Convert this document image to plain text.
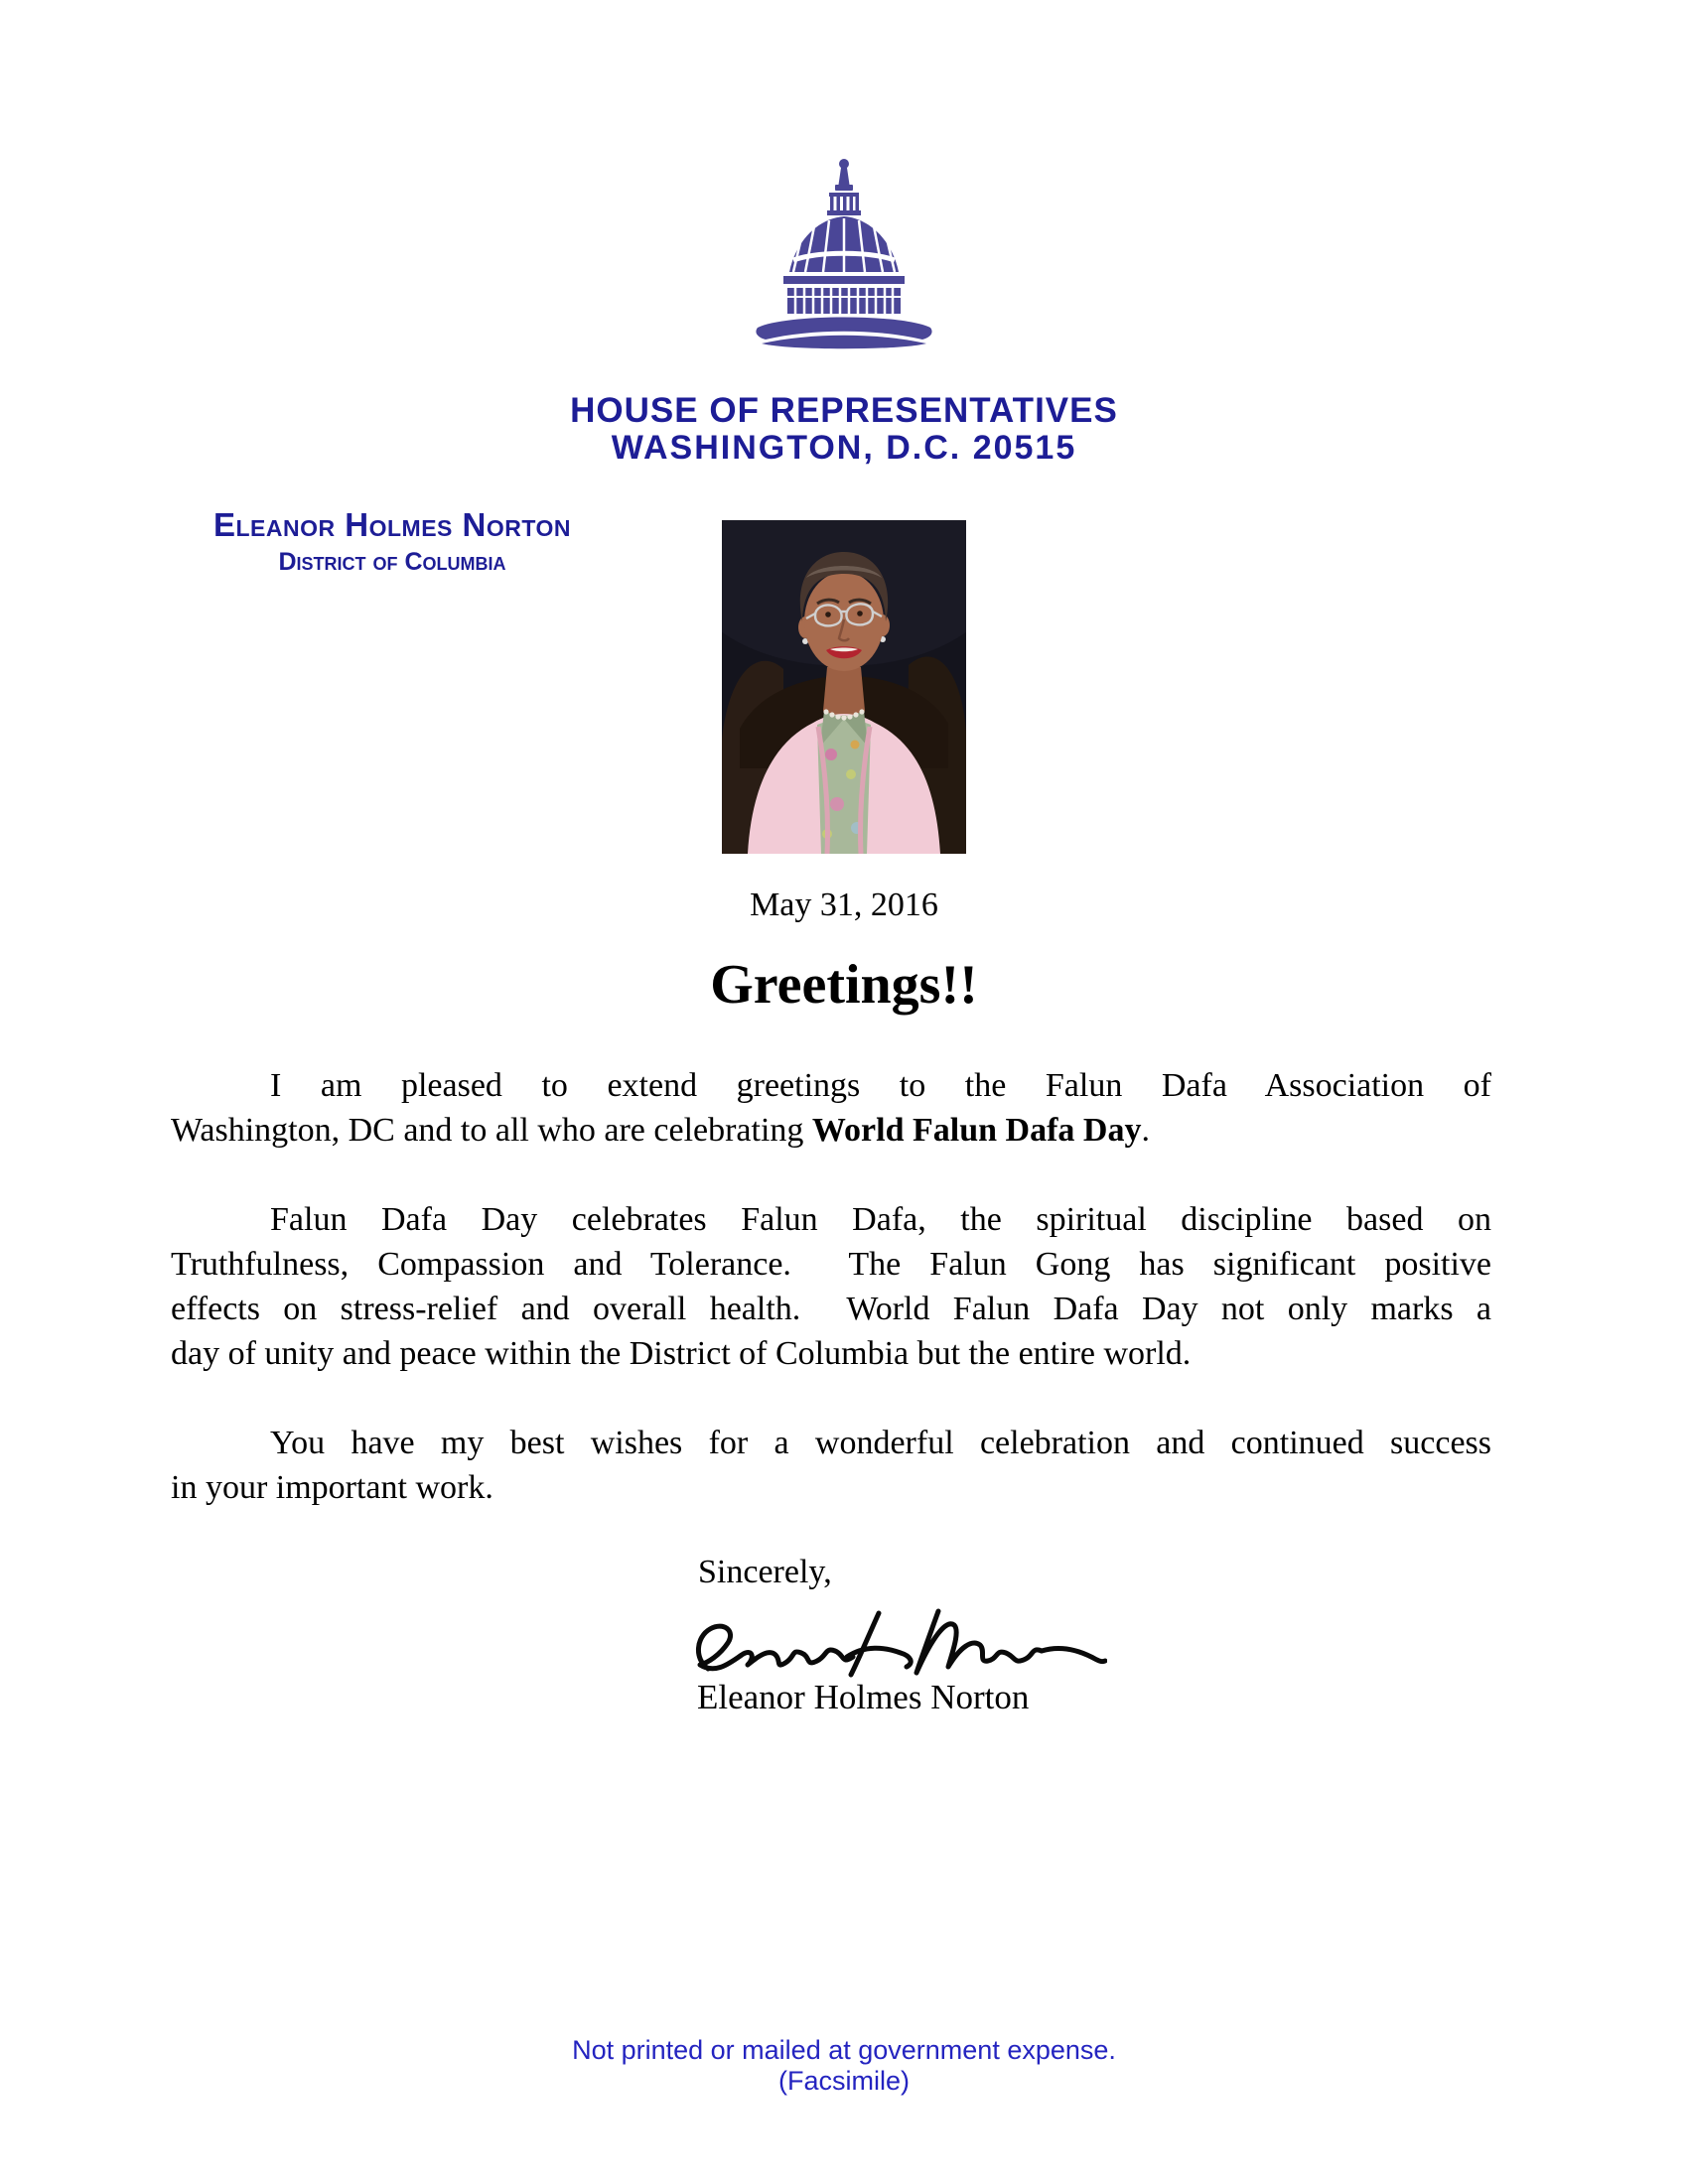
HOUSE OF REPRESENTATIVES
WASHINGTON, D.C. 20515
Eleanor Holmes Norton
District of Columbia
May 31, 2016
Greetings!!
I am pleased to extend greetings to the Falun Dafa Association of
Washington, DC and to all who are celebrating World Falun Dafa Day.
Falun Dafa Day celebrates Falun Dafa, the spiritual discipline based on
Truthfulness, Compassion and Tolerance.  The Falun Gong has significant positive
effects on stress-relief and overall health.  World Falun Dafa Day not only marks a
day of unity and peace within the District of Columbia but the entire world.
You have my best wishes for a wonderful celebration and continued success
in your important work.
Sincerely,
Eleanor Holmes Norton
Not printed or mailed at government expense.
(Facsimile)
